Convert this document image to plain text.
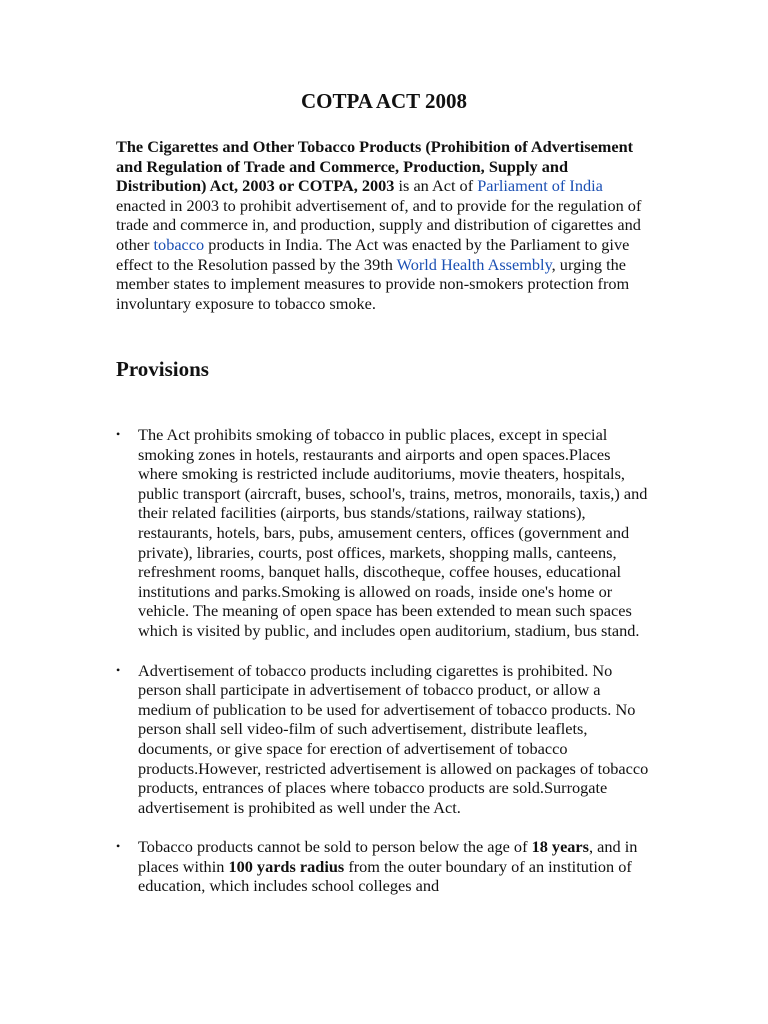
COTPA ACT 2008

The Cigarettes and Other Tobacco Products (Prohibition of Advertisement and Regulation of Trade and Commerce, Production, Supply and Distribution) Act, 2003 or COTPA, 2003 is an Act of Parliament of India enacted in 2003 to prohibit advertisement of, and to provide for the regulation of trade and commerce in, and production, supply and distribution of cigarettes and other tobacco products in India. The Act was enacted by the Parliament to give effect to the Resolution passed by the 39th World Health Assembly, urging the member states to implement measures to provide non-smokers protection from involuntary exposure to tobacco smoke.

Provisions
• The Act prohibits smoking of tobacco in public places, except in special smoking zones in hotels, restaurants and airports and open spaces.Places where smoking is restricted include auditoriums, movie theaters, hospitals, public transport (aircraft, buses, school's, trains, metros, monorails, taxis,) and their related facilities (airports, bus stands/stations, railway stations), restaurants, hotels, bars, pubs, amusement centers, offices (government and private), libraries, courts, post offices, markets, shopping malls, canteens, refreshment rooms, banquet halls, discotheque, coffee houses, educational institutions and parks.Smoking is allowed on roads, inside one's home or vehicle. The meaning of open space has been extended to mean such spaces which is visited by public, and includes open auditorium, stadium, bus stand.
• Advertisement of tobacco products including cigarettes is prohibited. No person shall participate in advertisement of tobacco product, or allow a medium of publication to be used for advertisement of tobacco products. No person shall sell video-film of such advertisement, distribute leaflets, documents, or give space for erection of advertisement of tobacco products.However, restricted advertisement is allowed on packages of tobacco products, entrances of places where tobacco products are sold.Surrogate advertisement is prohibited as well under the Act.
• Tobacco products cannot be sold to person below the age of 18 years, and in places within 100 yards radius from the outer boundary of an institution of education, which includes school colleges and
